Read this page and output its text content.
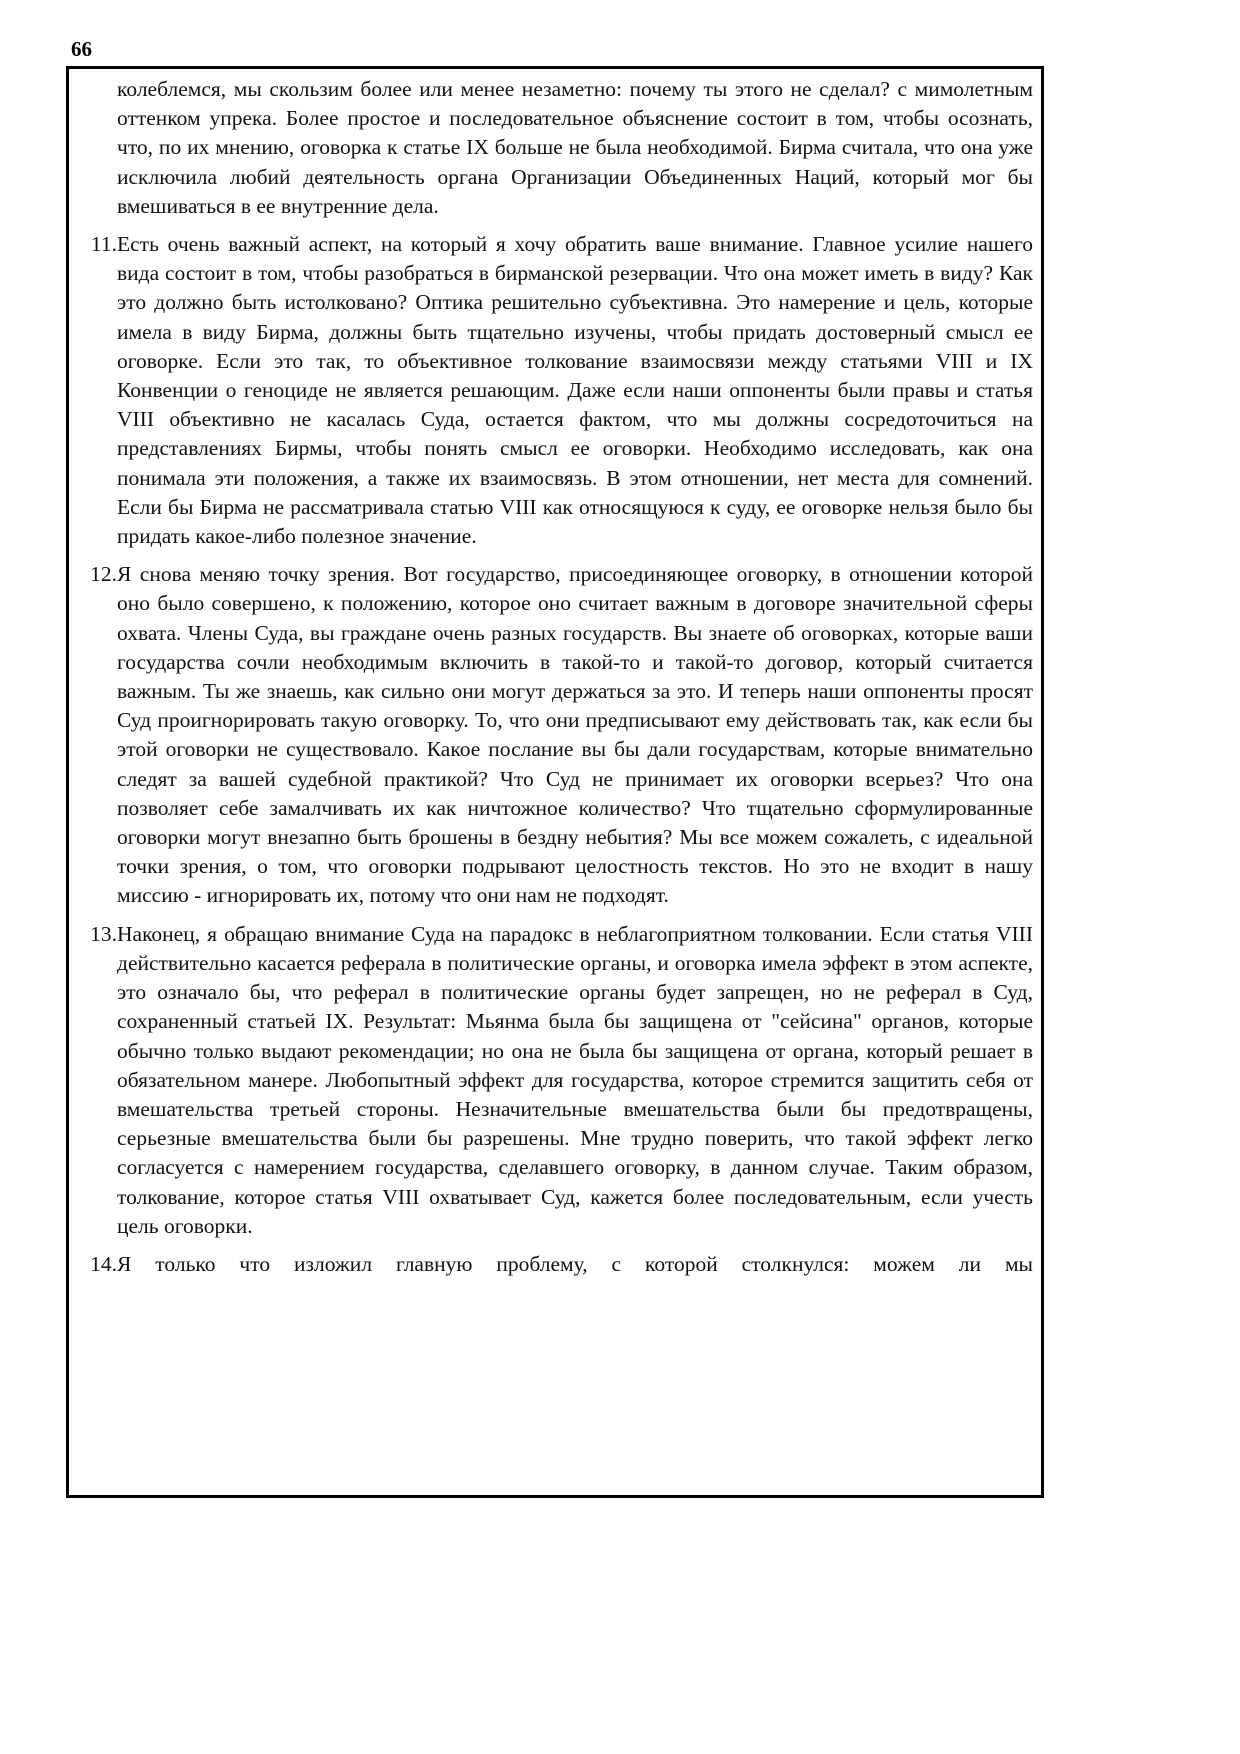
66
колеблемся, мы скользим более или менее незаметно: почему ты этого не сделал? с мимолетным оттенком упрека. Более простое и последовательное объяснение состоит в том, чтобы осознать, что, по их мнению, оговорка к статье IX больше не была необходимой. Бирма считала, что она уже исключила любий деятельность органа Организации Объединенных Наций, который мог бы вмешиваться в ее внутренние дела.
11. Есть очень важный аспект, на который я хочу обратить ваше внимание. Главное усилие нашего вида состоит в том, чтобы разобраться в бирманской резервации. Что она может иметь в виду? Как это должно быть истолковано? Оптика решительно субъективна. Это намерение и цель, которые имела в виду Бирма, должны быть тщательно изучены, чтобы придать достоверный смысл ее оговорке. Если это так, то объективное толкование взаимосвязи между статьями VIII и IX Конвенции о геноциде не является решающим. Даже если наши оппоненты были правы и статья VIII объективно не касалась Суда, остается фактом, что мы должны сосредоточиться на представлениях Бирмы, чтобы понять смысл ее оговорки. Необходимо исследовать, как она понимала эти положения, а также их взаимосвязь. В этом отношении, нет места для сомнений. Если бы Бирма не рассматривала статью VIII как относящуюся к суду, ее оговорке нельзя было бы придать какое-либо полезное значение.
12. Я снова меняю точку зрения. Вот государство, присоединяющее оговорку, в отношении которой оно было совершено, к положению, которое оно считает важным в договоре значительной сферы охвата. Члены Суда, вы граждане очень разных государств. Вы знаете об оговорках, которые ваши государства сочли необходимым включить в такой-то и такой-то договор, который считается важным. Ты же знаешь, как сильно они могут держаться за это. И теперь наши оппоненты просят Суд проигнорировать такую оговорку. То, что они предписывают ему действовать так, как если бы этой оговорки не существовало. Какое послание вы бы дали государствам, которые внимательно следят за вашей судебной практикой? Что Суд не принимает их оговорки всерьез? Что она позволяет себе замалчивать их как ничтожное количество? Что тщательно сформулированные оговорки могут внезапно быть брошены в бездну небытия? Мы все можем сожалеть, с идеальной точки зрения, о том, что оговорки подрывают целостность текстов. Но это не входит в нашу миссию - игнорировать их, потому что они нам не подходят.
13. Наконец, я обращаю внимание Суда на парадокс в неблагоприятном толковании. Если статья VIII действительно касается реферала в политические органы, и оговорка имела эффект в этом аспекте, это означало бы, что реферал в политические органы будет запрещен, но не реферал в Суд, сохраненный статьей IX. Результат: Мьянма была бы защищена от "сейсина" органов, которые обычно только выдают рекомендации; но она не была бы защищена от органа, который решает в обязательном манере. Любопытный эффект для государства, которое стремится защитить себя от вмешательства третьей стороны. Незначительные вмешательства были бы предотвращены, серьезные вмешательства были бы разрешены. Мне трудно поверить, что такой эффект легко согласуется с намерением государства, сделавшего оговорку, в данном случае. Таким образом, толкование, которое статья VIII охватывает Суд, кажется более последовательным, если учесть цель оговорки.
14. Я только что изложил главную проблему, с которой столкнулся: можем ли мы
